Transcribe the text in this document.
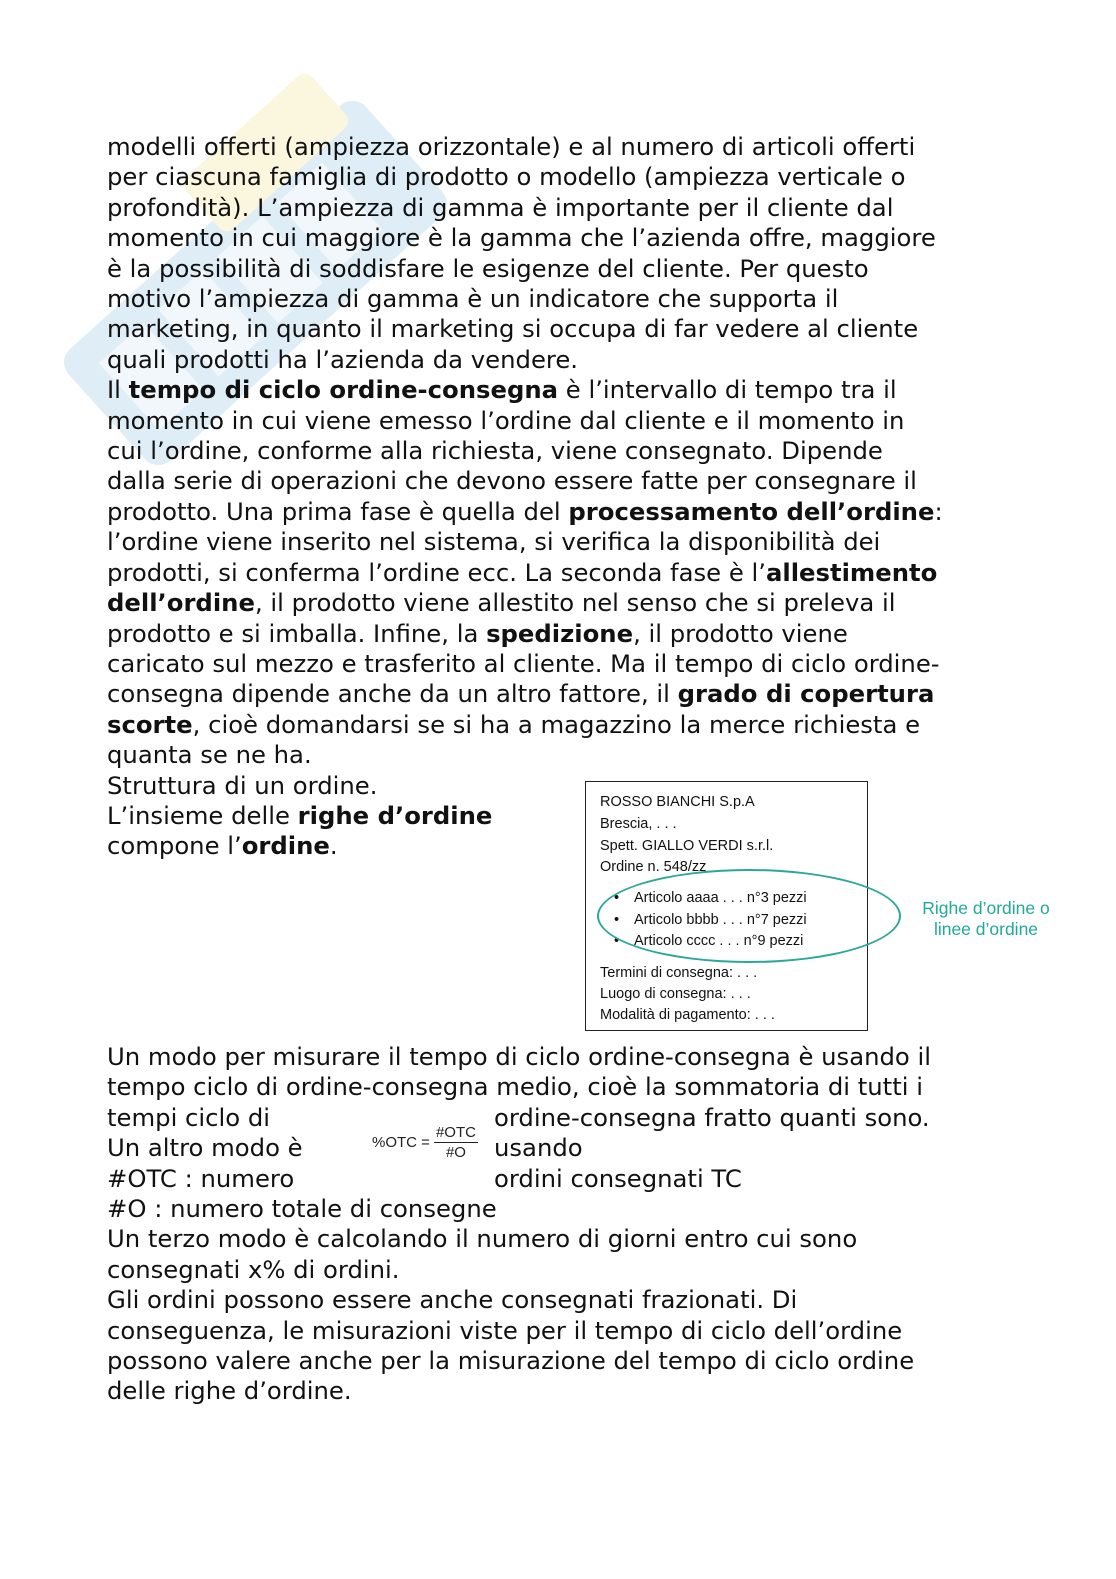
modelli offerti (ampiezza orizzontale) e al numero di articoli offerti
per ciascuna famiglia di prodotto o modello (ampiezza verticale o
profondità). L’ampiezza di gamma è importante per il cliente dal
momento in cui maggiore è la gamma che l’azienda offre, maggiore
è la possibilità di soddisfare le esigenze del cliente. Per questo
motivo l’ampiezza di gamma è un indicatore che supporta il
marketing, in quanto il marketing si occupa di far vedere al cliente
quali prodotti ha l’azienda da vendere.
Il tempo di ciclo ordine-consegna è l’intervallo di tempo tra il
momento in cui viene emesso l’ordine dal cliente e il momento in
cui l’ordine, conforme alla richiesta, viene consegnato. Dipende
dalla serie di operazioni che devono essere fatte per consegnare il
prodotto. Una prima fase è quella del processamento dell’ordine:
l’ordine viene inserito nel sistema, si verifica la disponibilità dei
prodotti, si conferma l’ordine ecc. La seconda fase è l’allestimento
dell’ordine, il prodotto viene allestito nel senso che si preleva il
prodotto e si imballa. Infine, la spedizione, il prodotto viene
caricato sul mezzo e trasferito al cliente. Ma il tempo di ciclo ordine-
consegna dipende anche da un altro fattore, il grado di copertura
scorte, cioè domandarsi se si ha a magazzino la merce richiesta e
quanta se ne ha.
Struttura di un ordine.
L’insieme delle righe d’ordine
compone l’ordine.
ROSSO BIANCHI S.p.A
Brescia, . . .
Spett. GIALLO VERDI s.r.l.
Ordine n. 548/zz
• Articolo aaaa . . . n°3 pezzi
• Articolo bbbb . . . n°7 pezzi
• Articolo cccc . . . n°9 pezzi
Termini di consegna: . . .
Luogo di consegna: . . .
Modalità di pagamento: . . .
Righe d’ordine o
linee d’ordine
$\%OTC = \frac{\text{\#OTC}}{\#O}$
Un modo per misurare il tempo di ciclo ordine-consegna è usando il
tempo ciclo di ordine-consegna medio, cioè la sommatoria di tutti i
tempi ciclo di	ordine-consegna fratto quanti sono.
Un altro modo è	usando
#OTC : numero	ordini consegnati TC
#O : numero totale di consegne
Un terzo modo è calcolando il numero di giorni entro cui sono
consegnati x% di ordini.
Gli ordini possono essere anche consegnati frazionati. Di
conseguenza, le misurazioni viste per il tempo di ciclo dell’ordine
possono valere anche per la misurazione del tempo di ciclo ordine
delle righe d’ordine.
